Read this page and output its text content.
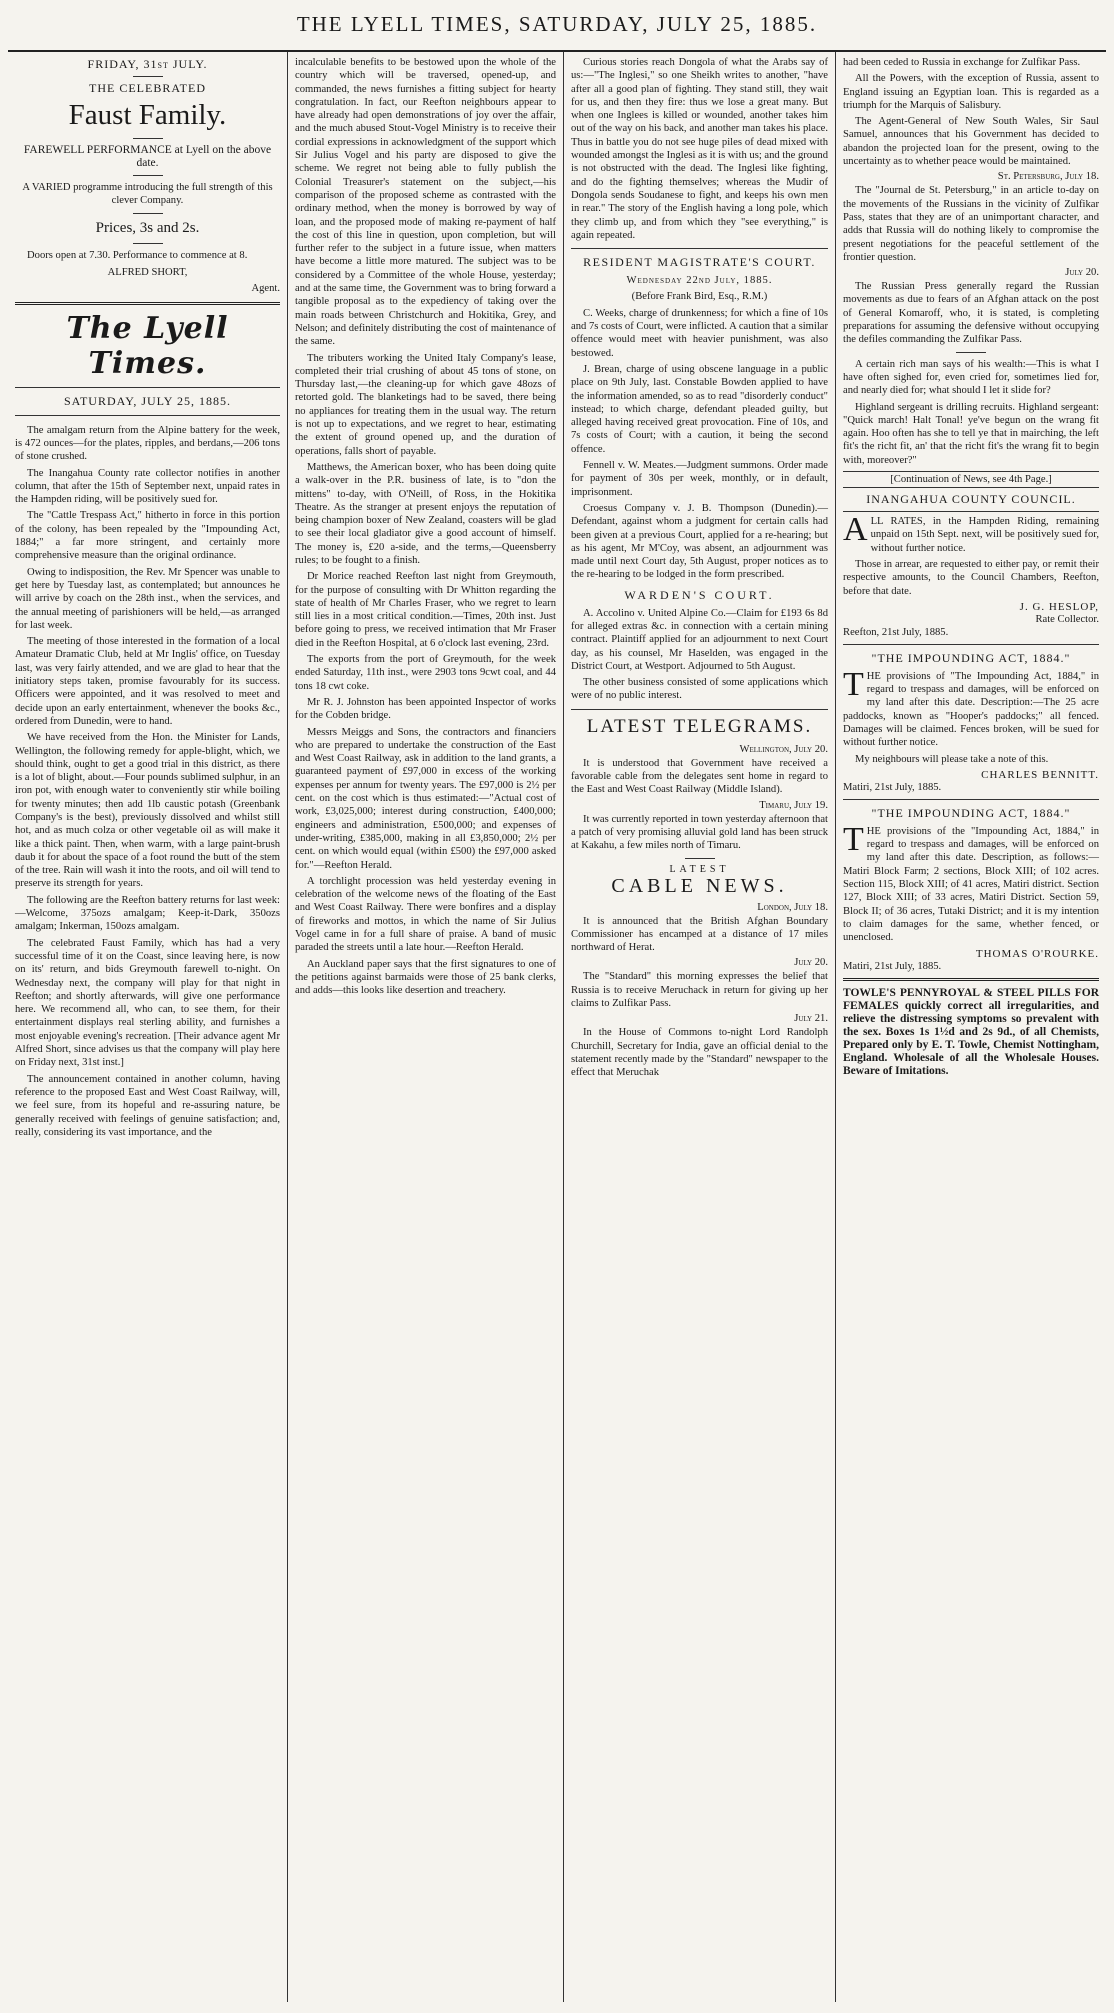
THE LYELL TIMES, SATURDAY, JULY 25, 1885.

FRIDAY, 31st JULY.

THE CELEBRATED

Faust Family.

FAREWELL PERFORMANCE at Lyell on the above date.

A VARIED programme introducing the full strength of this clever Company.

Prices, 3s and 2s.

Doors open at 7.30. Performance to commence at 8.

ALFRED SHORT,

Agent.

The Lyell Times.
SATURDAY, JULY 25, 1885.

The amalgam return from the Alpine battery for the week, is 472 ounces—for the plates, ripples, and berdans,—206 tons of stone crushed.

The Inangahua County rate collector notifies in another column, that after the 15th of September next, unpaid rates in the Hampden riding, will be positively sued for.

The "Cattle Trespass Act," hitherto in force in this portion of the colony, has been repealed by the "Impounding Act, 1884;" a far more stringent, and certainly more comprehensive measure than the original ordinance.

Owing to indisposition, the Rev. Mr Spencer was unable to get here by Tuesday last, as contemplated; but announces he will arrive by coach on the 28th inst., when the services, and the annual meeting of parishioners will be held,—as arranged for last week.

The meeting of those interested in the formation of a local Amateur Dramatic Club, held at Mr Inglis' office, on Tuesday last, was very fairly attended, and we are glad to hear that the initiatory steps taken, promise favourably for its success. Officers were appointed, and it was resolved to meet and decide upon an early entertainment, whenever the books &c., ordered from Dunedin, were to hand.

We have received from the Hon. the Minister for Lands, Wellington, the following remedy for apple-blight, which, we should think, ought to get a good trial in this district, as there is a lot of blight, about.—Four pounds sublimed sulphur, in an iron pot, with enough water to conveniently stir while boiling for twenty minutes; then add 1lb caustic potash (Greenbank Company's is the best), previously dissolved and whilst still hot, and as much colza or other vegetable oil as will make it like a thick paint. Then, when warm, with a large paint-brush daub it for about the space of a foot round the butt of the stem of the tree. Rain will wash it into the roots, and oil will tend to preserve its strength for years.

The following are the Reefton battery returns for last week:—Welcome, 375ozs amalgam; Keep-it-Dark, 350ozs amalgam; Inkerman, 150ozs amalgam.

The celebrated Faust Family, which has had a very successful time of it on the Coast, since leaving here, is now on its' return, and bids Greymouth farewell to-night. On Wednesday next, the company will play for that night in Reefton; and shortly afterwards, will give one performance here. We recommend all, who can, to see them, for their entertainment displays real sterling ability, and furnishes a most enjoyable evening's recreation. [Their advance agent Mr Alfred Short, since advises us that the company will play here on Friday next, 31st inst.]

The announcement contained in another column, having reference to the proposed East and West Coast Railway, will, we feel sure, from its hopeful and re-assuring nature, be generally received with feelings of genuine satisfaction; and, really, considering its vast importance, and the

incalculable benefits to be bestowed upon the whole of the country which will be traversed, opened-up, and commanded, the news furnishes a fitting subject for hearty congratulation. In fact, our Reefton neighbours appear to have already had open demonstrations of joy over the affair, and the much abused Stout-Vogel Ministry is to receive their cordial expressions in acknowledgment of the support which Sir Julius Vogel and his party are disposed to give the scheme. We regret not being able to fully publish the Colonial Treasurer's statement on the subject,—his comparison of the proposed scheme as contrasted with the ordinary method, when the money is borrowed by way of loan, and the proposed mode of making re-payment of half the cost of this line in question, upon completion, but will further refer to the subject in a future issue, when matters have become a little more matured. The subject was to be considered by a Committee of the whole House, yesterday; and at the same time, the Government was to bring forward a tangible proposal as to the expediency of taking over the main roads between Christchurch and Hokitika, Grey, and Nelson; and definitely distributing the cost of maintenance of the same.

The tributers working the United Italy Company's lease, completed their trial crushing of about 45 tons of stone, on Thursday last,—the cleaning-up for which gave 48ozs of retorted gold. The blanketings had to be saved, there being no appliances for treating them in the usual way. The return is not up to expectations, and we regret to hear, estimating the extent of ground opened up, and the duration of operations, falls short of payable.

Matthews, the American boxer, who has been doing quite a walk-over in the P.R. business of late, is to "don the mittens" to-day, with O'Neill, of Ross, in the Hokitika Theatre. As the stranger at present enjoys the reputation of being champion boxer of New Zealand, coasters will be glad to see their local gladiator give a good account of himself. The money is, £20 a-side, and the terms,—Queensberry rules; to be fought to a finish.

Dr Morice reached Reefton last night from Greymouth, for the purpose of consulting with Dr Whitton regarding the state of health of Mr Charles Fraser, who we regret to learn still lies in a most critical condition.—Times, 20th inst. Just before going to press, we received intimation that Mr Fraser died in the Reefton Hospital, at 6 o'clock last evening, 23rd.

The exports from the port of Greymouth, for the week ended Saturday, 11th inst., were 2903 tons 9cwt coal, and 44 tons 18 cwt coke.

Mr R. J. Johnston has been appointed Inspector of works for the Cobden bridge.

Messrs Meiggs and Sons, the contractors and financiers who are prepared to undertake the construction of the East and West Coast Railway, ask in addition to the land grants, a guaranteed payment of £97,000 in excess of the working expenses per annum for twenty years. The £97,000 is 2½ per cent. on the cost which is thus estimated:—"Actual cost of work, £3,025,000; interest during construction, £400,000; engineers and administration, £500,000; and expenses of under-writing, £385,000, making in all £3,850,000; 2½ per cent. on which would equal (within £500) the £97,000 asked for."—Reefton Herald.

A torchlight procession was held yesterday evening in celebration of the welcome news of the floating of the East and West Coast Railway. There were bonfires and a display of fireworks and mottos, in which the name of Sir Julius Vogel came in for a full share of praise. A band of music paraded the streets until a late hour.—Reefton Herald.

An Auckland paper says that the first signatures to one of the petitions against barmaids were those of 25 bank clerks, and adds—this looks like desertion and treachery.

Curious stories reach Dongola of what the Arabs say of us:—"The Inglesi," so one Sheikh writes to another, "have after all a good plan of fighting. They stand still, they wait for us, and then they fire: thus we lose a great many. But when one Inglees is killed or wounded, another takes him out of the way on his back, and another man takes his place. Thus in battle you do not see huge piles of dead mixed with wounded amongst the Inglesi as it is with us; and the ground is not obstructed with the dead. The Inglesi like fighting, and do the fighting themselves; whereas the Mudir of Dongola sends Soudanese to fight, and keeps his own men in rear." The story of the English having a long pole, which they climb up, and from which they "see everything," is again repeated.

RESIDENT MAGISTRATE'S COURT.

Wednesday 22nd July, 1885.

(Before Frank Bird, Esq., R.M.)

C. Weeks, charge of drunkenness; for which a fine of 10s and 7s costs of Court, were inflicted. A caution that a similar offence would meet with heavier punishment, was also bestowed.

J. Brean, charge of using obscene language in a public place on 9th July, last. Constable Bowden applied to have the information amended, so as to read "disorderly conduct" instead; to which charge, defendant pleaded guilty, but alleged having received great provocation. Fine of 10s, and 7s costs of Court; with a caution, it being the second offence.

Fennell v. W. Meates.—Judgment summons. Order made for payment of 30s per week, monthly, or in default, imprisonment.

Croesus Company v. J. B. Thompson (Dunedin).—Defendant, against whom a judgment for certain calls had been given at a previous Court, applied for a re-hearing; but as his agent, Mr M'Coy, was absent, an adjournment was made until next Court day, 5th August, proper notices as to the re-hearing to be lodged in the form prescribed.

WARDEN'S COURT.

A. Accolino v. United Alpine Co.—Claim for £193 6s 8d for alleged extras &c. in connection with a certain mining contract. Plaintiff applied for an adjournment to next Court day, as his counsel, Mr Haselden, was engaged in the District Court, at Westport. Adjourned to 5th August.

The other business consisted of some applications which were of no public interest.

LATEST TELEGRAMS.
Wellington, July 20.

It is understood that Government have received a favorable cable from the delegates sent home in regard to the East and West Coast Railway (Middle Island).

Timaru, July 19.

It was currently reported in town yesterday afternoon that a patch of very promising alluvial gold land has been struck at Kakahu, a few miles north of Timaru.

LATEST
CABLE NEWS.
London, July 18.

It is announced that the British Afghan Boundary Commissioner has encamped at a distance of 17 miles northward of Herat.

July 20.

The "Standard" this morning expresses the belief that Russia is to receive Meruchack in return for giving up her claims to Zulfikar Pass.

July 21.

In the House of Commons to-night Lord Randolph Churchill, Secretary for India, gave an official denial to the statement recently made by the "Standard" newspaper to the effect that Meruchak

had been ceded to Russia in exchange for Zulfikar Pass.

All the Powers, with the exception of Russia, assent to England issuing an Egyptian loan. This is regarded as a triumph for the Marquis of Salisbury.

The Agent-General of New South Wales, Sir Saul Samuel, announces that his Government has decided to abandon the projected loan for the present, owing to the uncertainty as to whether peace would be maintained.

St. Petersburg, July 18.

The "Journal de St. Petersburg," in an article to-day on the movements of the Russians in the vicinity of Zulfikar Pass, states that they are of an unimportant character, and adds that Russia will do nothing likely to compromise the present negotiations for the peaceful settlement of the frontier question.

July 20.

The Russian Press generally regard the Russian movements as due to fears of an Afghan attack on the post of General Komaroff, who, it is stated, is completing preparations for assuming the defensive without occupying the defiles commanding the Zulfikar Pass.

A certain rich man says of his wealth:—This is what I have often sighed for, even cried for, sometimes lied for, and nearly died for; what should I let it slide for?

Highland sergeant is drilling recruits. Highland sergeant: "Quick march! Halt Tonal! ye've begun on the wrang fit again. Hoo often has she to tell ye that in mairching, the left fit's the richt fit, an' that the richt fit's the wrang fit to begin with, moreover?"

[Continuation of News, see 4th Page.]
INANGAHUA COUNTY COUNCIL.
A LL RATES, in the Hampden Riding, remaining unpaid on 15th Sept. next, will be positively sued for, without further notice.

Those in arrear, are requested to either pay, or remit their respective amounts, to the Council Chambers, Reefton, before that date.

J. G. HESLOP,
Rate Collector.
Reefton, 21st July, 1885.
"THE IMPOUNDING ACT, 1884."
T HE provisions of "The Impounding Act, 1884," in regard to trespass and damages, will be enforced on my land after this date. Description:—The 25 acre paddocks, known as "Hooper's paddocks;" all fenced. Damages will be claimed. Fences broken, will be sued for without further notice.

My neighbours will please take a note of this.

CHARLES BENNITT.
Matiri, 21st July, 1885.
"THE IMPOUNDING ACT, 1884."
T HE provisions of the "Impounding Act, 1884," in regard to trespass and damages, will be enforced on my land after this date. Description, as follows:—Matiri Block Farm; 2 sections, Block XIII; of 102 acres. Section 115, Block XIII; of 41 acres, Matiri district. Section 127, Block XIII; of 33 acres, Matiri District. Section 59, Block II; of 36 acres, Tutaki District; and it is my intention to claim damages for the same, whether fenced, or unenclosed.

THOMAS O'ROURKE.
Matiri, 21st July, 1885.
TOWLE'S PENNYROYAL & STEEL PILLS FOR FEMALES quickly correct all irregularities, and relieve the distressing symptoms so prevalent with the sex. Boxes 1s 1½d and 2s 9d., of all Chemists, Prepared only by E. T. Towle, Chemist Nottingham, England. Wholesale of all the Wholesale Houses. Beware of Imitations.
